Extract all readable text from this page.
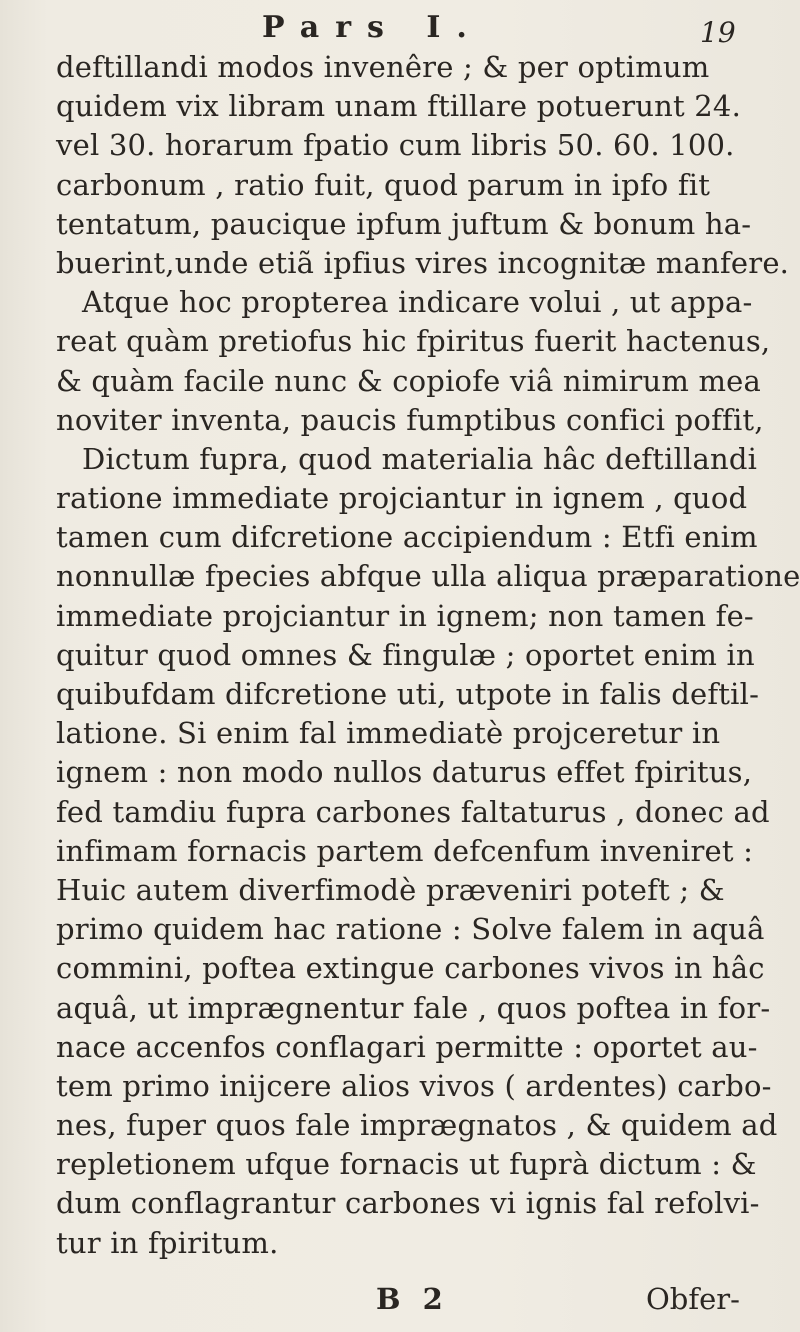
Pars I.	19
deftillandi modos invenêre ; & per optimum
quidem vix libram unam ftillare potuerunt 24.
vel 30. horarum fpatio cum libris 50. 60. 100.
carbonum , ratio fuit, quod parum in ipfo fit
tentatum, paucique ipfum juftum & bonum ha-
buerint,unde etiã ipfius vires incognitæ manfere.
Atque hoc propterea indicare volui , ut appa-
reat quàm pretiofus hic fpiritus fuerit hactenus,
& quàm facile nunc & copiofe viâ nimirum mea
noviter inventa, paucis fumptibus confici poffit,
Dictum fupra, quod materialia hâc deftillandi
ratione immediate projciantur in ignem , quod
tamen cum difcretione accipiendum : Etfi enim
nonnullæ fpecies abfque ulla aliqua præparatione
immediate projciantur in ignem; non tamen fe-
quitur quod omnes & fingulæ ; oportet enim in
quibufdam difcretione uti, utpote in falis deftil-
latione. Si enim fal immediatè projceretur in
ignem : non modo nullos daturus effet fpiritus,
fed tamdiu fupra carbones faltaturus , donec ad
infimam fornacis partem defcenfum inveniret :
Huic autem diverfimodè præveniri poteft ; &
primo quidem hac ratione : Solve falem in aquâ
commini, poftea extingue carbones vivos in hâc
aquâ, ut imprægnentur fale , quos poftea in for-
nace accenfos conflagari permitte : oportet au-
tem primo inijcere alios vivos ( ardentes) carbo-
nes, fuper quos fale imprægnatos , & quidem ad
repletionem ufque fornacis ut fuprà dictum : &
dum conflagrantur carbones vi ignis fal refolvi-
tur in fpiritum.
B 2	Obfer-
